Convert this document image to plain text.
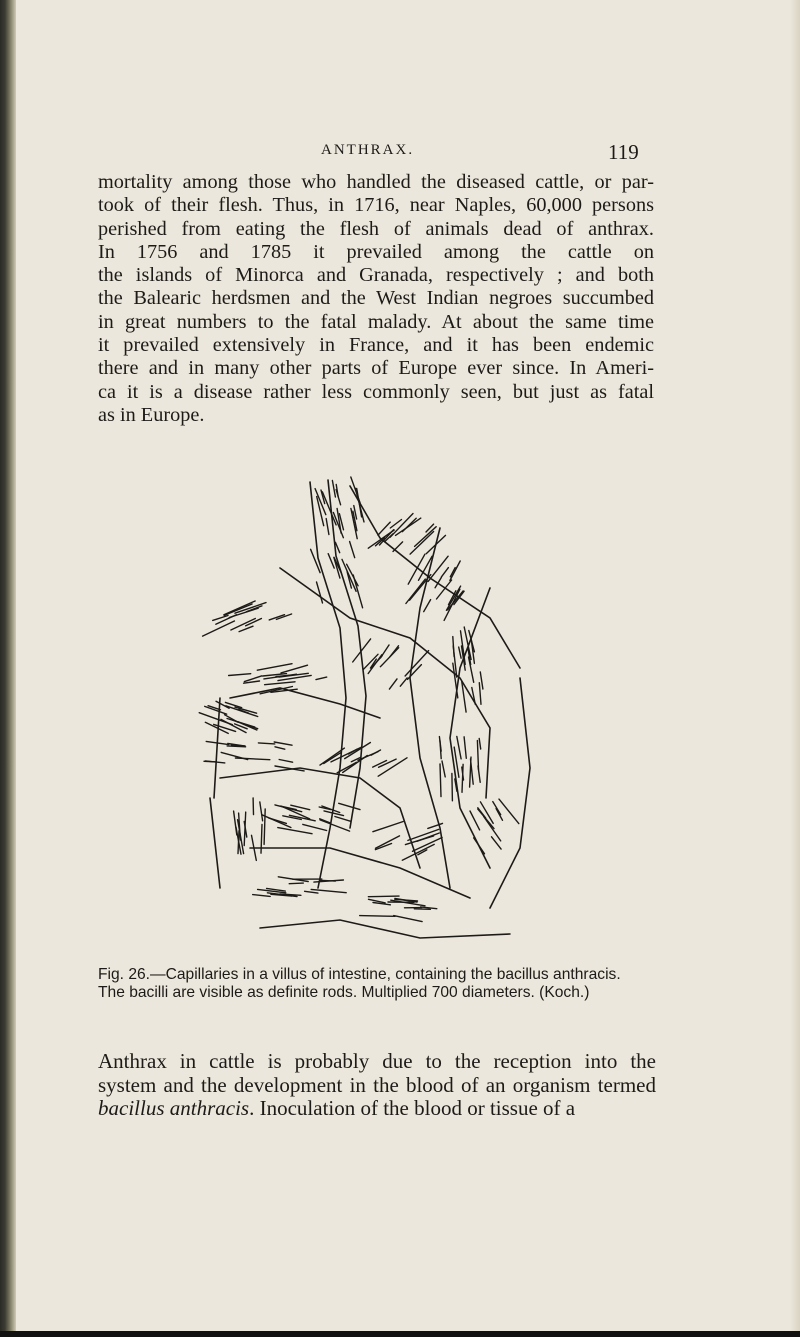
ANTHRAX.	119

mortality among those who handled the diseased cattle, or par-
took of their flesh. Thus, in 1716, near Naples, 60,000 persons
perished from eating the flesh of animals dead of anthrax.
In 1756 and 1785 it prevailed among the cattle on
the islands of Minorca and Granada, respectively ; and both
the Balearic herdsmen and the West Indian negroes succumbed
in great numbers to the fatal malady. At about the same time
it prevailed extensively in France, and it has been endemic
there and in many other parts of Europe ever since. In Ameri-
ca it is a disease rather less commonly seen, but just as fatal
as in Europe.

Fig. 26.—Capillaries in a villus of intestine, containing the bacillus anthracis.
The bacilli are visible as definite rods. Multiplied 700 diameters. (Koch.)

Anthrax in cattle is probably due to the reception into the
system and the development in the blood of an organism termed
bacillus anthracis. Inoculation of the blood or tissue of a
